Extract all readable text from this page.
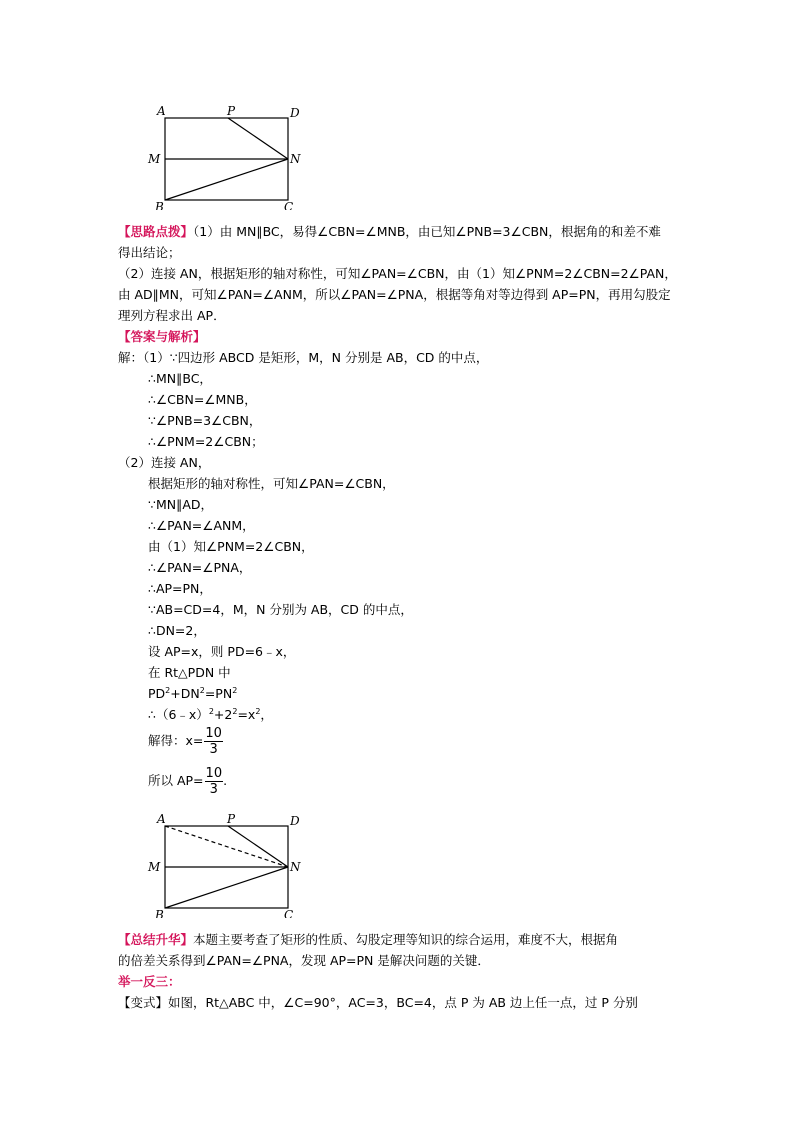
A	P	D
M	N
B	C
【思路点拨】（1）由 MN∥BC，易得∠CBN=∠MNB，由已知∠PNB=3∠CBN，根据角的和差不难
得出结论；
（2）连接 AN，根据矩形的轴对称性，可知∠PAN=∠CBN，由（1）知∠PNM=2∠CBN=2∠PAN，
由 AD∥MN，可知∠PAN=∠ANM，所以∠PAN=∠PNA，根据等角对等边得到 AP=PN，再用勾股定
理列方程求出 AP．
【答案与解析】
解：（1）∵四边形 ABCD 是矩形，M，N 分别是 AB，CD 的中点，
∴MN∥BC，
∴∠CBN=∠MNB，
∵∠PNB=3∠CBN，
∴∠PNM=2∠CBN；
（2）连接 AN，
根据矩形的轴对称性，可知∠PAN=∠CBN，
∵MN∥AD，
∴∠PAN=∠ANM，
由（1）知∠PNM=2∠CBN，
∴∠PAN=∠PNA，
∴AP=PN，
∵AB=CD=4，M，N 分别为 AB，CD 的中点，
∴DN=2，
设 AP=x，则 PD=6﹣x，
在 Rt△PDN 中
$PD^2+DN^2=PN^2$
$\therefore(6﹣x)^2+2^2=x^2$，
解得：$x= \frac{10}{3}$
所以 $AP= \frac{10}{3}$ .
A	P	D
M	N
B	C
【总结升华】本题主要考查了矩形的性质、勾股定理等知识的综合运用，难度不大，根据角
的倍差关系得到∠PAN=∠PNA，发现 AP=PN 是解决问题的关键．
举一反三：
【变式】如图，Rt△ABC 中，∠C=90°，AC=3，BC=4，点 P 为 AB 边上任一点，过 P 分别
